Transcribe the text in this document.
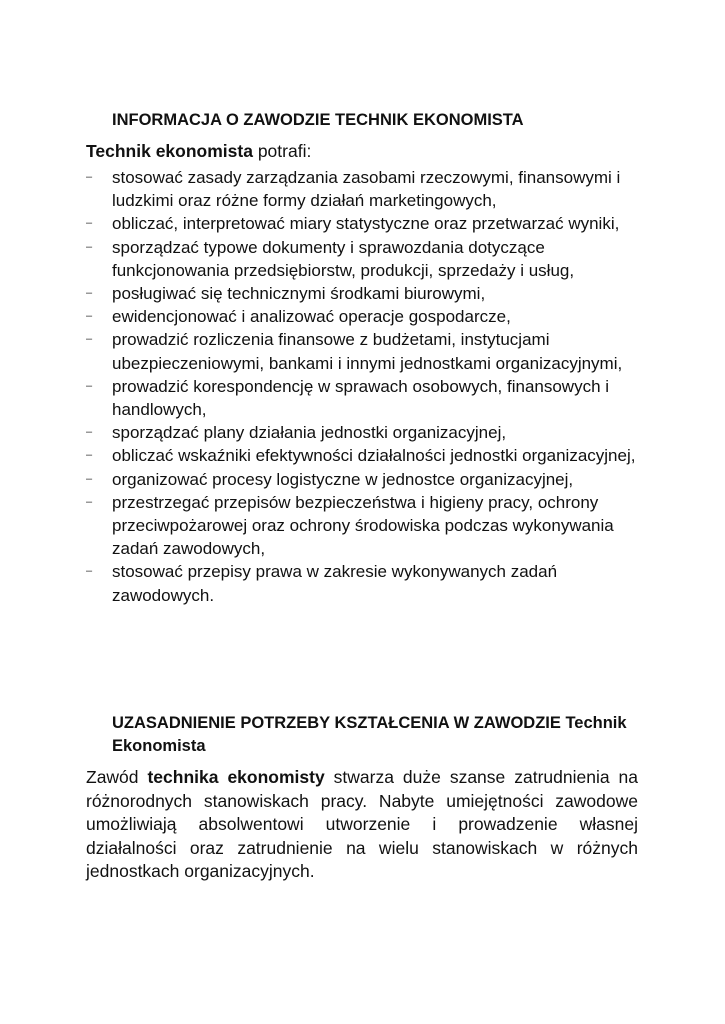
INFORMACJA O ZAWODZIE TECHNIK EKONOMISTA

Technik ekonomista potrafi:

– stosować zasady zarządzania zasobami rzeczowymi, finansowymi i ludzkimi oraz różne formy działań marketingowych,
– obliczać, interpretować miary statystyczne oraz przetwarzać wyniki,
– sporządzać typowe dokumenty i sprawozdania dotyczące funkcjonowania przedsiębiorstw, produkcji, sprzedaży i usług,
– posługiwać się technicznymi środkami biurowymi,
– ewidencjonować i analizować operacje gospodarcze,
– prowadzić rozliczenia finansowe z budżetami, instytucjami ubezpieczeniowymi, bankami i innymi jednostkami organizacyjnymi,
– prowadzić korespondencję w sprawach osobowych, finansowych i handlowych,
– sporządzać plany działania jednostki organizacyjnej,
– obliczać wskaźniki efektywności działalności jednostki organizacyjnej,
– organizować procesy logistyczne w jednostce organizacyjnej,
– przestrzegać przepisów bezpieczeństwa i higieny pracy, ochrony przeciwpożarowej oraz ochrony środowiska podczas wykonywania zadań zawodowych,
– stosować przepisy prawa w zakresie wykonywanych zadań zawodowych.
UZASADNIENIE POTRZEBY KSZTAŁCENIA W ZAWODZIE Technik Ekonomista

Zawód technika ekonomisty stwarza duże szanse zatrudnienia na różnorodnych stanowiskach pracy. Nabyte umiejętności zawodowe umożliwiają absolwentowi utworzenie i prowadzenie własnej działalności oraz zatrudnienie na wielu stanowiskach w różnych jednostkach organizacyjnych.
